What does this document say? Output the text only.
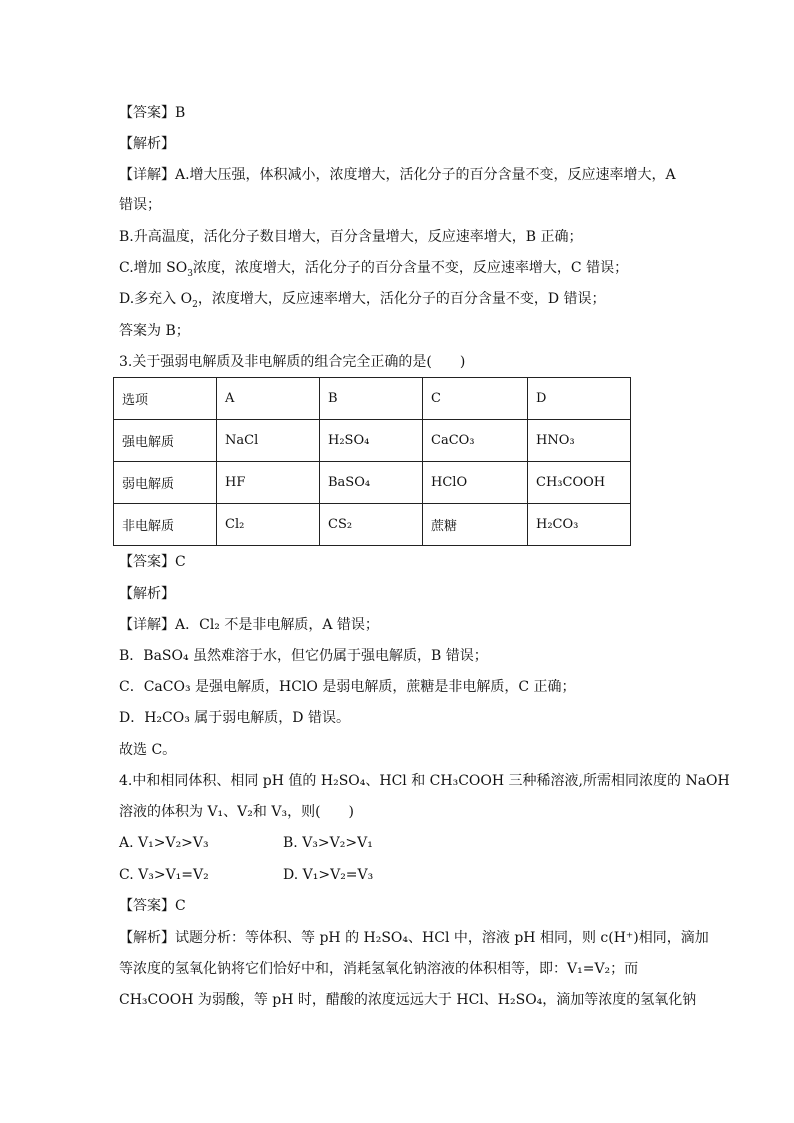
【答案】B
【解析】
【详解】A.增大压强，体积减小，浓度增大，活化分子的百分含量不变，反应速率增大，A
错误；
B.升高温度，活化分子数目增大，百分含量增大，反应速率增大，B 正确；
C.增加 $SO_3$浓度，浓度增大，活化分子的百分含量不变，反应速率增大，C 错误；
D.多充入 $O_2$，浓度增大，反应速率增大，活化分子的百分含量不变，D 错误；
答案为 B；
3.关于强弱电解质及非电解质的组合完全正确的是(　　)
选项	A	B	C	D
强电解质	NaCl	H₂SO₄	CaCO₃	HNO₃
弱电解质	HF	BaSO₄	HClO	CH₃COOH
非电解质	Cl₂	CS₂	蔗糖	H₂CO₃
【答案】C
【解析】
【详解】A．Cl₂ 不是非电解质，A 错误；
B．BaSO₄ 虽然难溶于水，但它仍属于强电解质，B 错误；
C．CaCO₃ 是强电解质，HClO 是弱电解质，蔗糖是非电解质，C 正确；
D．H₂CO₃ 属于弱电解质，D 错误。
故选 C。
4.中和相同体积、相同 pH 值的 H₂SO₄、HCl 和 CH₃COOH 三种稀溶液,所需相同浓度的 NaOH
溶液的体积为 V₁、V₂和 V₃，则(　　)
A. V₁>V₂>V₃	B. V₃>V₂>V₁
C. V₃>V₁=V₂	D. V₁>V₂=V₃
【答案】C
【解析】试题分析：等体积、等 pH 的 H₂SO₄、HCl 中，溶液 pH 相同，则 c(H⁺)相同，滴加
等浓度的氢氧化钠将它们恰好中和，消耗氢氧化钠溶液的体积相等，即：V₁=V₂；而
CH₃COOH 为弱酸，等 pH 时，醋酸的浓度远远大于 HCl、H₂SO₄，滴加等浓度的氢氧化钠
